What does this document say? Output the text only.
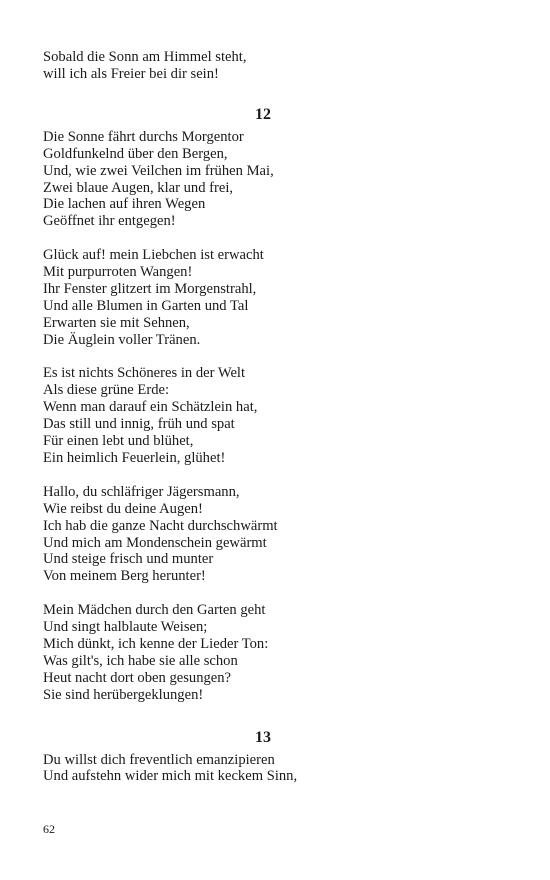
Sobald die Sonn am Himmel steht,
will ich als Freier bei dir sein!
12
Die Sonne fährt durchs Morgentor
Goldfunkelnd über den Bergen,
Und, wie zwei Veilchen im frühen Mai,
Zwei blaue Augen, klar und frei,
Die lachen auf ihren Wegen
Geöffnet ihr entgegen!
Glück auf! mein Liebchen ist erwacht
Mit purpurroten Wangen!
Ihr Fenster glitzert im Morgenstrahl,
Und alle Blumen in Garten und Tal
Erwarten sie mit Sehnen,
Die Äuglein voller Tränen.
Es ist nichts Schöneres in der Welt
Als diese grüne Erde:
Wenn man darauf ein Schätzlein hat,
Das still und innig, früh und spat
Für einen lebt und blühet,
Ein heimlich Feuerlein, glühet!
Hallo, du schläfriger Jägersmann,
Wie reibst du deine Augen!
Ich hab die ganze Nacht durchschwärmt
Und mich am Mondenschein gewärmt
Und steige frisch und munter
Von meinem Berg herunter!
Mein Mädchen durch den Garten geht
Und singt halblaute Weisen;
Mich dünkt, ich kenne der Lieder Ton:
Was gilt's, ich habe sie alle schon
Heut nacht dort oben gesungen?
Sie sind herübergeklungen!
13
Du willst dich freventlich emanzipieren
Und aufstehn wider mich mit keckem Sinn,
62
